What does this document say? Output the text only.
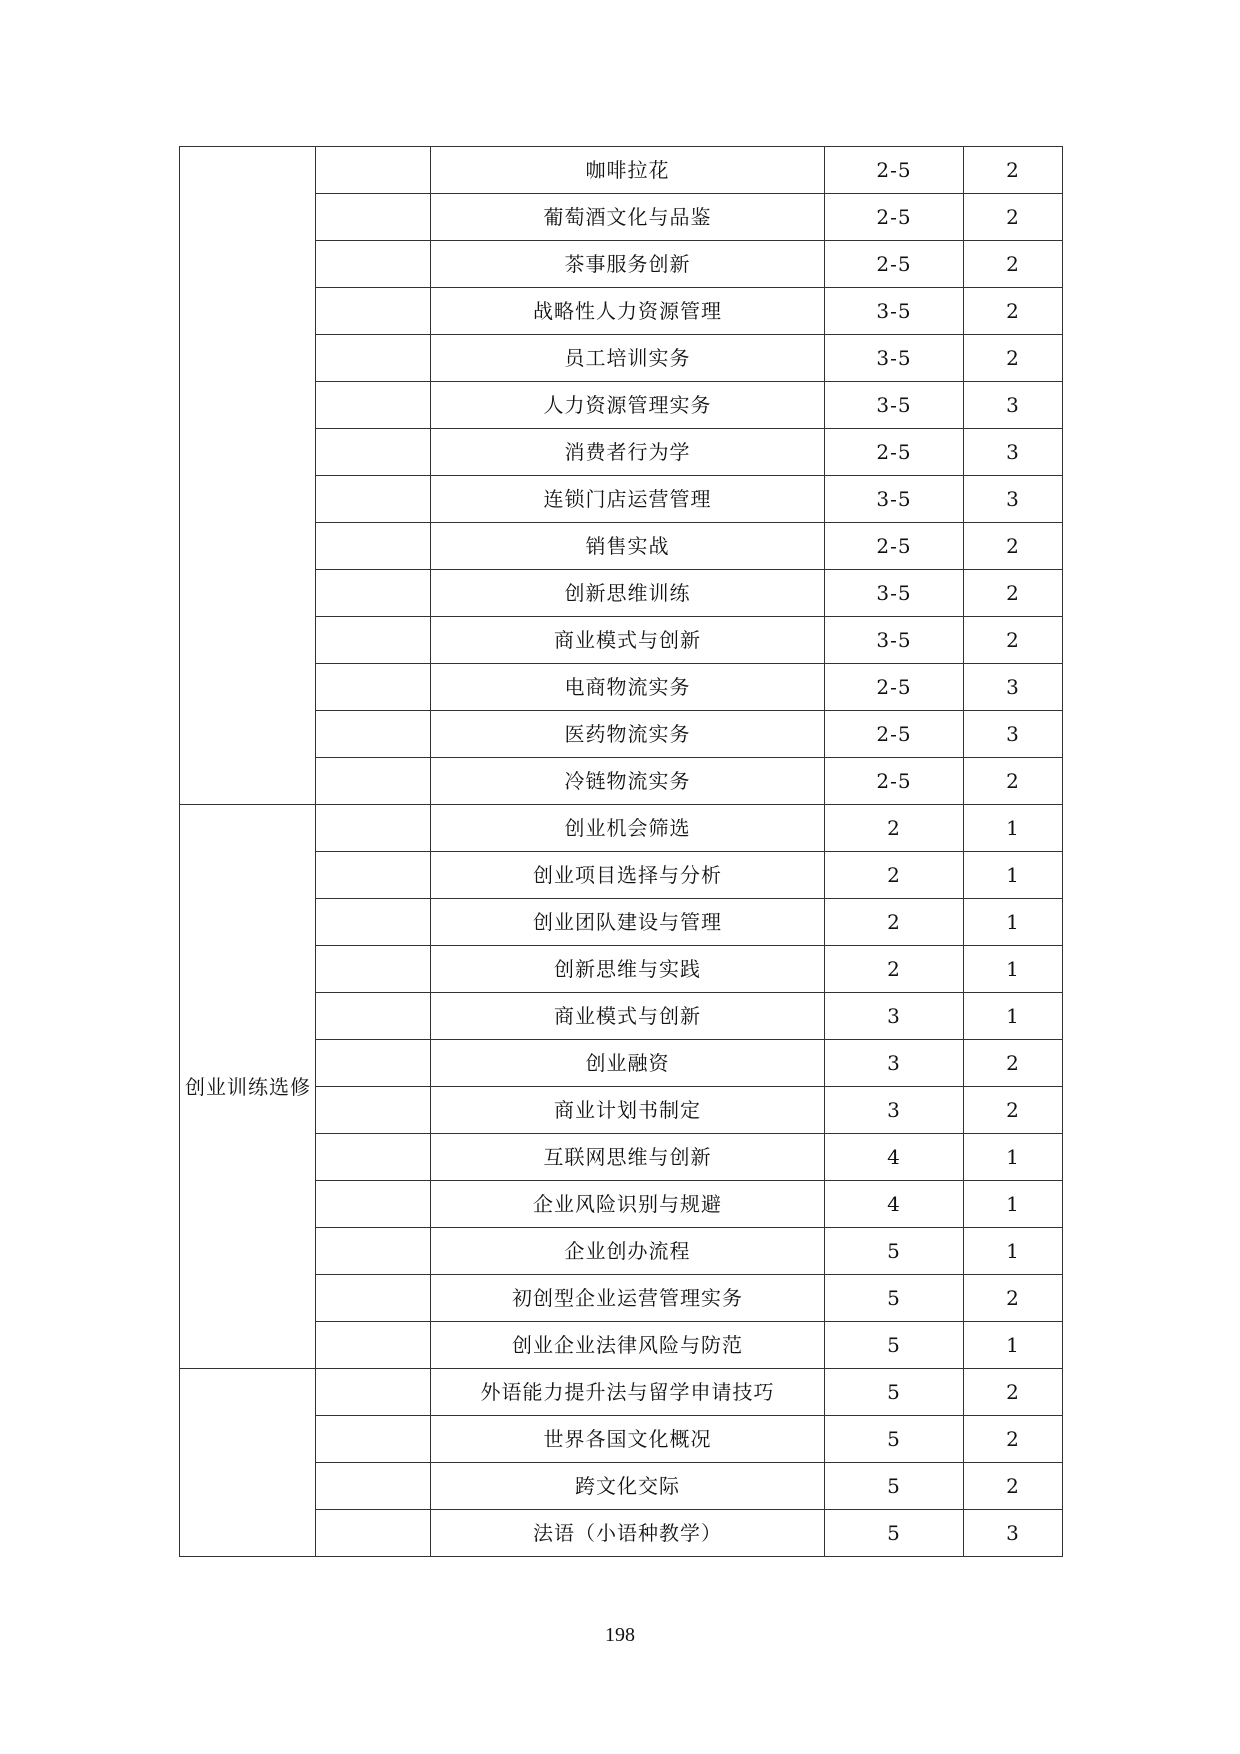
		咖啡拉花	2-5	2
		葡萄酒文化与品鉴	2-5	2
		茶事服务创新	2-5	2
		战略性人力资源管理	3-5	2
		员工培训实务	3-5	2
		人力资源管理实务	3-5	3
		消费者行为学	2-5	3
		连锁门店运营管理	3-5	3
		销售实战	2-5	2
		创新思维训练	3-5	2
		商业模式与创新	3-5	2
		电商物流实务	2-5	3
		医药物流实务	2-5	3
		冷链物流实务	2-5	2
创业训练选修		创业机会筛选	2	1
		创业项目选择与分析	2	1
		创业团队建设与管理	2	1
		创新思维与实践	2	1
		商业模式与创新	3	1
		创业融资	3	2
		商业计划书制定	3	2
		互联网思维与创新	4	1
		企业风险识别与规避	4	1
		企业创办流程	5	1
		初创型企业运营管理实务	5	2
		创业企业法律风险与防范	5	1
		外语能力提升法与留学申请技巧	5	2
		世界各国文化概况	5	2
		跨文化交际	5	2
		法语（小语种教学）	5	3
198
